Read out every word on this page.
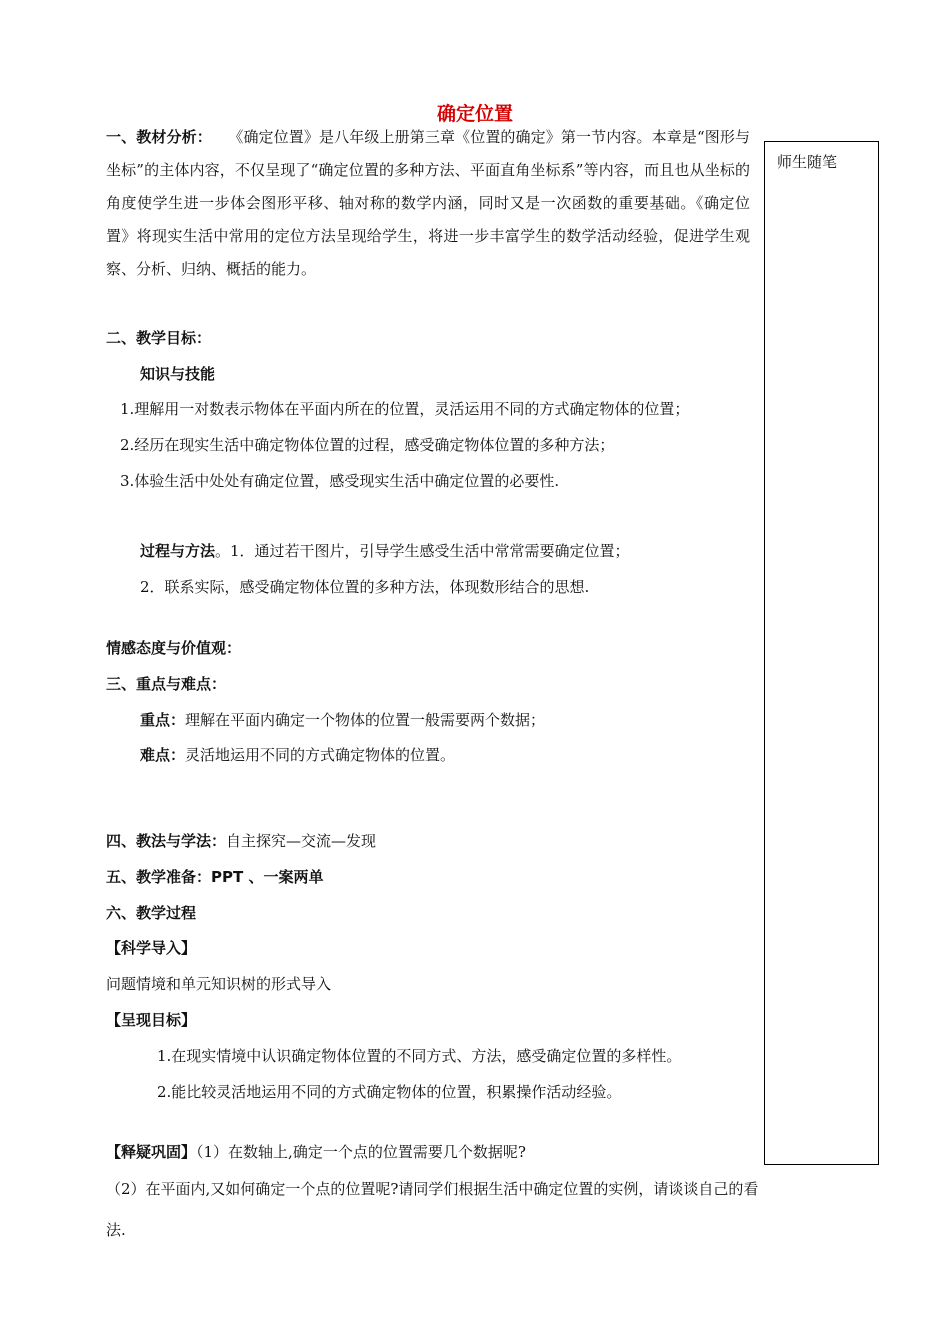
确定位置
师生随笔
一、教材分析： 《确定位置》是八年级上册第三章《位置的确定》第一节内容。本章是“图形与坐标”的主体内容，不仅呈现了“确定位置的多种方法、平面直角坐标系”等内容，而且也从坐标的角度使学生进一步体会图形平移、轴对称的数学内涵，同时又是一次函数的重要基础。《确定位置》将现实生活中常用的定位方法呈现给学生，将进一步丰富学生的数学活动经验，促进学生观察、分析、归纳、概括的能力。
二、教学目标：
知识与技能
1.理解用一对数表示物体在平面内所在的位置，灵活运用不同的方式确定物体的位置；
2.经历在现实生活中确定物体位置的过程，感受确定物体位置的多种方法；
3.体验生活中处处有确定位置，感受现实生活中确定位置的必要性.
过程与方法。1．通过若干图片，引导学生感受生活中常常需要确定位置；
2．联系实际，感受确定物体位置的多种方法，体现数形结合的思想.
情感态度与价值观：
三、重点与难点：
重点：理解在平面内确定一个物体的位置一般需要两个数据；
难点：灵活地运用不同的方式确定物体的位置。
四、教法与学法：自主探究—交流—发现
五、教学准备：PPT 、一案两单
六、教学过程
【科学导入】
问题情境和单元知识树的形式导入
【呈现目标】
1.在现实情境中认识确定物体位置的不同方式、方法，感受确定位置的多样性。
2.能比较灵活地运用不同的方式确定物体的位置，积累操作活动经验。
【释疑巩固】（1）在数轴上,确定一个点的位置需要几个数据呢?
（2）在平面内,又如何确定一个点的位置呢?请同学们根据生活中确定位置的实例，请谈谈自己的看
法.
